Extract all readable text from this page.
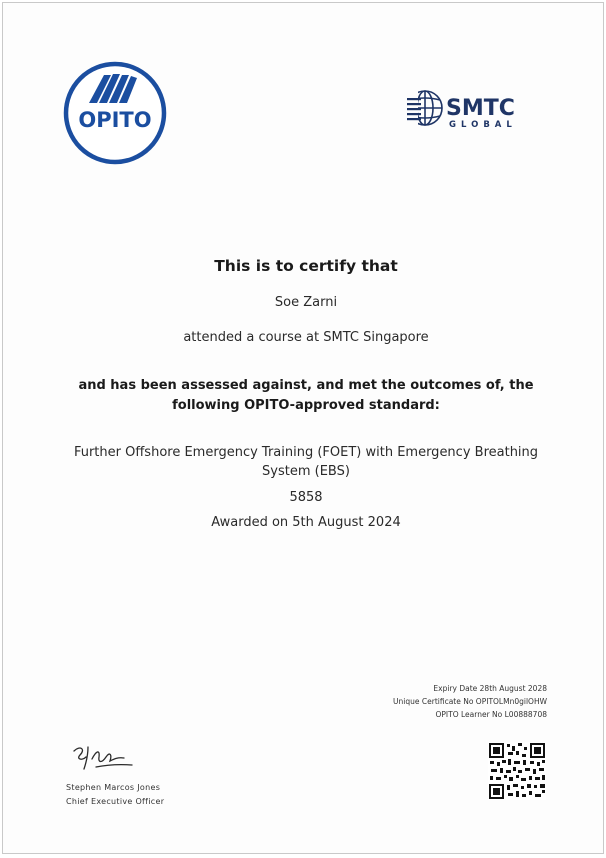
OPITO	SMTC
GLOBAL
This is to certify that
Soe Zarni
attended a course at SMTC Singapore
and has been assessed against, and met the outcomes of, the following OPITO-approved standard:
Further Offshore Emergency Training (FOET) with Emergency Breathing System (EBS)
5858
Awarded on 5th August 2024
Expiry Date 28th August 2028
Unique Certificate No OPITOLMn0gilOHW
OPITO Learner No L00888708
Stephen Marcos Jones
Chief Executive Officer
